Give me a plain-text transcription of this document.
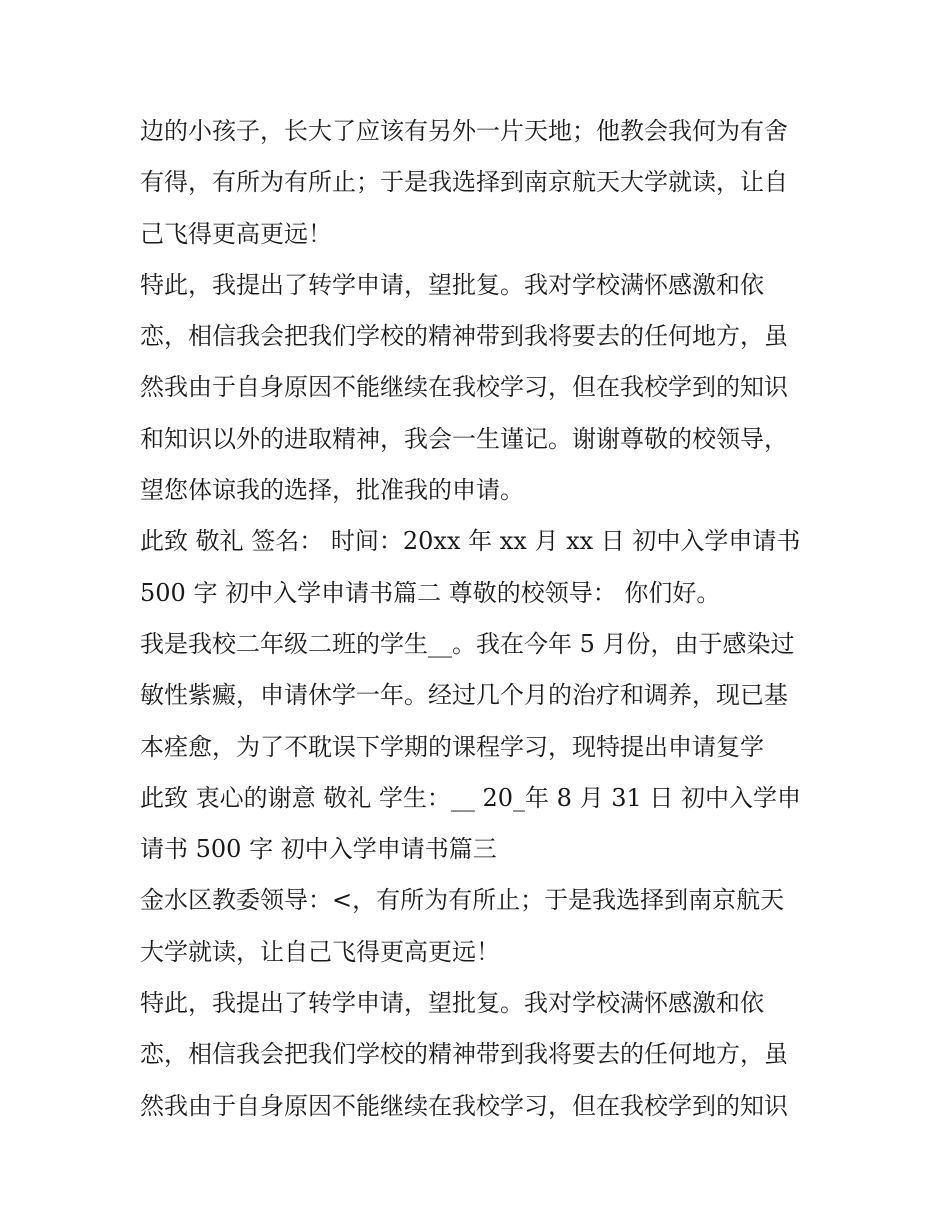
边的小孩子，长大了应该有另外一片天地；他教会我何为有舍
有得，有所为有所止；于是我选择到南京航天大学就读，让自
己飞得更高更远！

特此，我提出了转学申请，望批复。我对学校满怀感激和依
恋，相信我会把我们学校的精神带到我将要去的任何地方，虽
然我由于自身原因不能继续在我校学习，但在我校学到的知识
和知识以外的进取精神，我会一生谨记。谢谢尊敬的校领导，
望您体谅我的选择，批准我的申请。

此致 敬礼 签名： 时间：20xx 年 xx 月 xx 日 初中入学申请书
500 字 初中入学申请书篇二 尊敬的校领导： 你们好。

我是我校二年级二班的学生__。我在今年 5 月份，由于感染过
敏性紫癜，申请休学一年。经过几个月的治疗和调养，现已基
本痊愈，为了不耽误下学期的课程学习，现特提出申请复学
此致 衷心的谢意 敬礼 学生：__ 20_年 8 月 31 日 初中入学申
请书 500 字 初中入学申请书篇三

金水区教委领导：<，有所为有所止；于是我选择到南京航天
大学就读，让自己飞得更高更远！

特此，我提出了转学申请，望批复。我对学校满怀感激和依
恋，相信我会把我们学校的精神带到我将要去的任何地方，虽
然我由于自身原因不能继续在我校学习，但在我校学到的知识
